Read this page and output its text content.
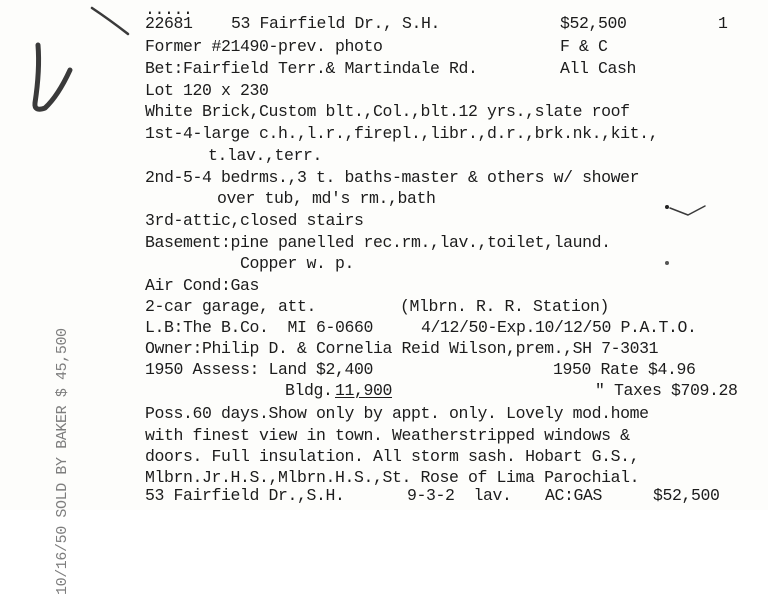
.....
22681 53 Fairfield Dr., S.H.	$52,500	1
Former #21490-prev. photo	F & C
Bet:Fairfield Terr.& Martindale Rd.	All Cash
Lot 120 x 230
White Brick,Custom blt.,Col.,blt.12 yrs.,slate roof
1st-4-large c.h.,l.r.,firepl.,libr.,d.r.,brk.nk.,kit.,
t.lav.,terr.
2nd-5-4 bedrms.,3 t. baths-master & others w/ shower
over tub, md's rm.,bath
3rd-attic,closed stairs
Basement:pine panelled rec.rm.,lav.,toilet,laund.
Copper w. p.
Air Cond:Gas
2-car garage, att.	(Mlbrn. R. R. Station)
L.B:The B.Co.  MI 6-0660	4/12/50-Exp.10/12/50 P.A.T.O.
Owner:Philip D. & Cornelia Reid Wilson,prem.,SH 7-3031
1950 Assess: Land $2,400	1950 Rate $4.96
Bldg. 11,900	" Taxes $709.28
Poss.60 days.Show only by appt. only. Lovely mod.home
with finest view in town. Weatherstripped windows &
doors. Full insulation. All storm sash. Hobart G.S.,
Mlbrn.Jr.H.S.,Mlbrn.H.S.,St. Rose of Lima Parochial.
53 Fairfield Dr.,S.H.	9-3-2  lav. AC:GAS	$52,500
10/16/50 SOLD BY BAKER $ 45,500
